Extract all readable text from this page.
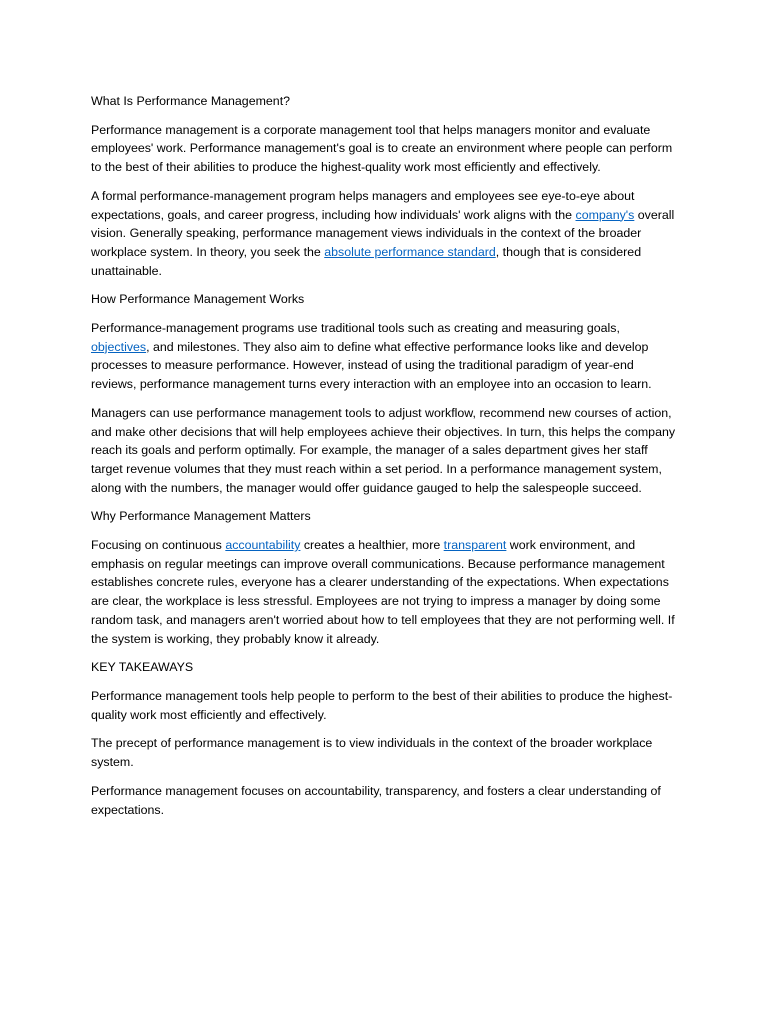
What Is Performance Management?

Performance management is a corporate management tool that helps managers monitor and evaluate employees' work. Performance management's goal is to create an environment where people can perform to the best of their abilities to produce the highest-quality work most efficiently and effectively.

A formal performance-management program helps managers and employees see eye-to-eye about expectations, goals, and career progress, including how individuals' work aligns with the company's overall vision. Generally speaking, performance management views individuals in the context of the broader workplace system. In theory, you seek the absolute performance standard, though that is considered unattainable.

How Performance Management Works

Performance-management programs use traditional tools such as creating and measuring goals, objectives, and milestones. They also aim to define what effective performance looks like and develop processes to measure performance. However, instead of using the traditional paradigm of year-end reviews, performance management turns every interaction with an employee into an occasion to learn.

Managers can use performance management tools to adjust workflow, recommend new courses of action, and make other decisions that will help employees achieve their objectives. In turn, this helps the company reach its goals and perform optimally. For example, the manager of a sales department gives her staff target revenue volumes that they must reach within a set period. In a performance management system, along with the numbers, the manager would offer guidance gauged to help the salespeople succeed.

Why Performance Management Matters

Focusing on continuous accountability creates a healthier, more transparent work environment, and emphasis on regular meetings can improve overall communications. Because performance management establishes concrete rules, everyone has a clearer understanding of the expectations. When expectations are clear, the workplace is less stressful. Employees are not trying to impress a manager by doing some random task, and managers aren't worried about how to tell employees that they are not performing well. If the system is working, they probably know it already.

KEY TAKEAWAYS

Performance management tools help people to perform to the best of their abilities to produce the highest-quality work most efficiently and effectively.

The precept of performance management is to view individuals in the context of the broader workplace system.

Performance management focuses on accountability, transparency, and fosters a clear understanding of expectations.
